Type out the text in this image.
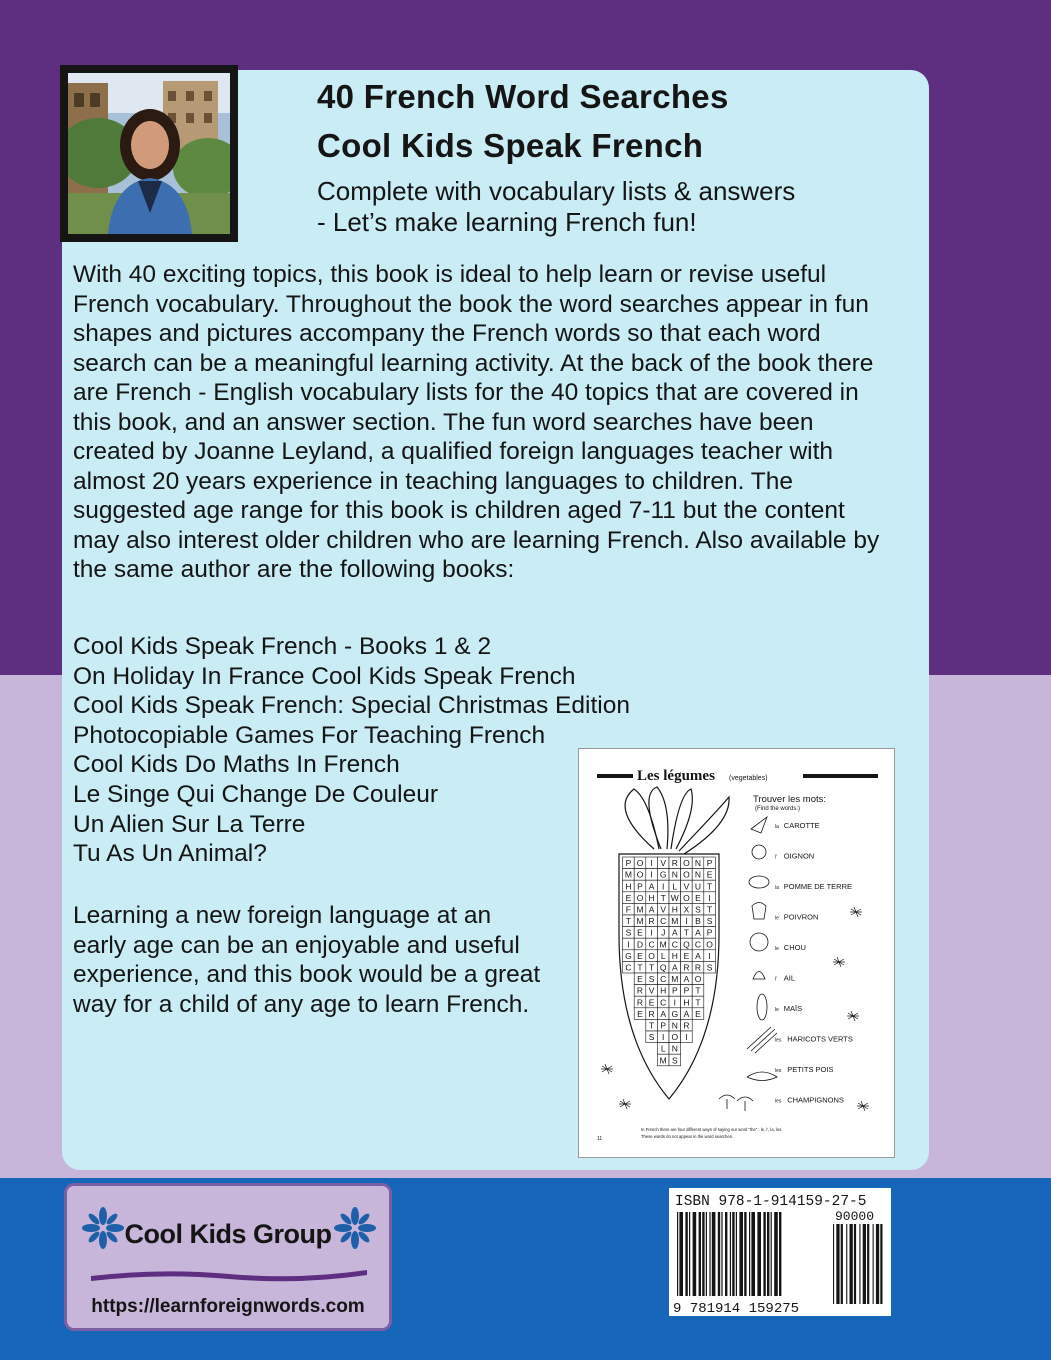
40 French Word Searches
Cool Kids Speak French
Complete with vocabulary lists & answers
- Let’s make learning French fun!
With 40 exciting topics, this book is ideal to help learn or revise useful French vocabulary. Throughout the book the word searches appear in fun shapes and pictures accompany the French words so that each word search can be a meaningful learning activity. At the back of the book there are French - English vocabulary lists for the 40 topics that are covered in this book, and an answer section. The fun word searches have been created by Joanne Leyland, a qualified foreign languages teacher with almost 20 years experience in teaching languages to children. The suggested age range for this book is children aged 7-11 but the content may also interest older children who are learning French. Also available by the same author are the following books:
Cool Kids Speak French - Books 1 & 2
On Holiday In France Cool Kids Speak French
Cool Kids Speak French: Special Christmas Edition
Photocopiable Games For Teaching French
Cool Kids Do Maths In French
Le Singe Qui Change De Couleur
Un Alien Sur La Terre
Tu As Un Animal?
Learning a new foreign language at an early age can be an enjoyable and useful experience, and this book would be a great way for a child of any age to learn French.
Les légumes (vegetables)
Trouver les mots:
(Find the words:)
P O I V R O N P
M O I G N O N E
H P A I L V U T
E O H T W O E I
F M A V H X S T
T M R C M I B S
S E I J A T A P
I D C M C Q C O
G E O L H E A I
C T T Q A R R S
E S C M A O
R V H P P T
R E C I H T
E R A G A E
T P N R
S I O I
L N
M S
la CAROTTE
l' OIGNON
la POMME DE TERRE
le POIVRON
le CHOU
l' AIL
le MAÏS
les HARICOTS VERTS
les PETITS POIS
les CHAMPIGNONS
11
In French there are four different ways of saying our word "the" : le, l', la, les.
These words do not appear in the word searches.
Cool Kids Group
https://learnforeignwords.com
ISBN 978-1-914159-27-5
90000
9 781914 159275
